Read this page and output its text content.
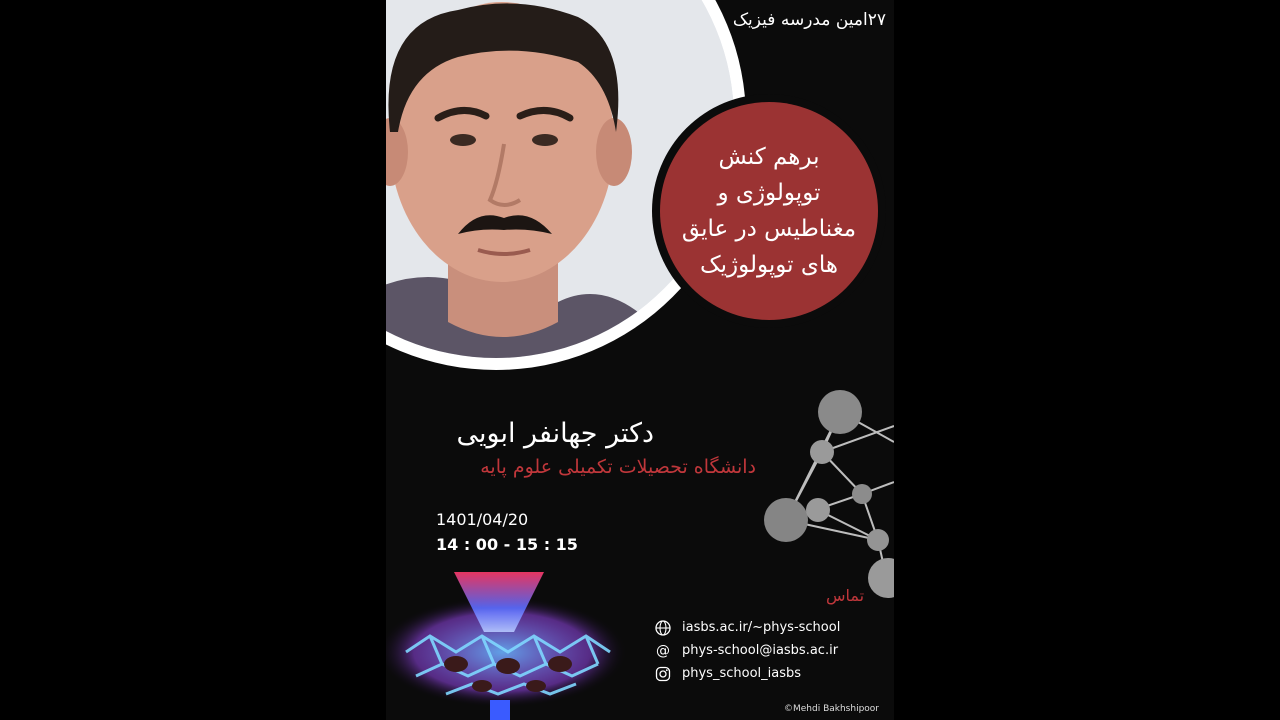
برهم کنش
توپولوژی و
مغناطیس در عایق
های توپولوژیک
۲۷امین مدرسه فیزیک
دکتر جهانفر ابویی
دانشگاه تحصیلات تکمیلی علوم پایه
1401/04/20
14 : 00 - 15 : 15
تماس
iasbs.ac.ir/~phys-school
@ phys-school@iasbs.ac.ir
phys_school_iasbs
©Mehdi Bakhshipoor
